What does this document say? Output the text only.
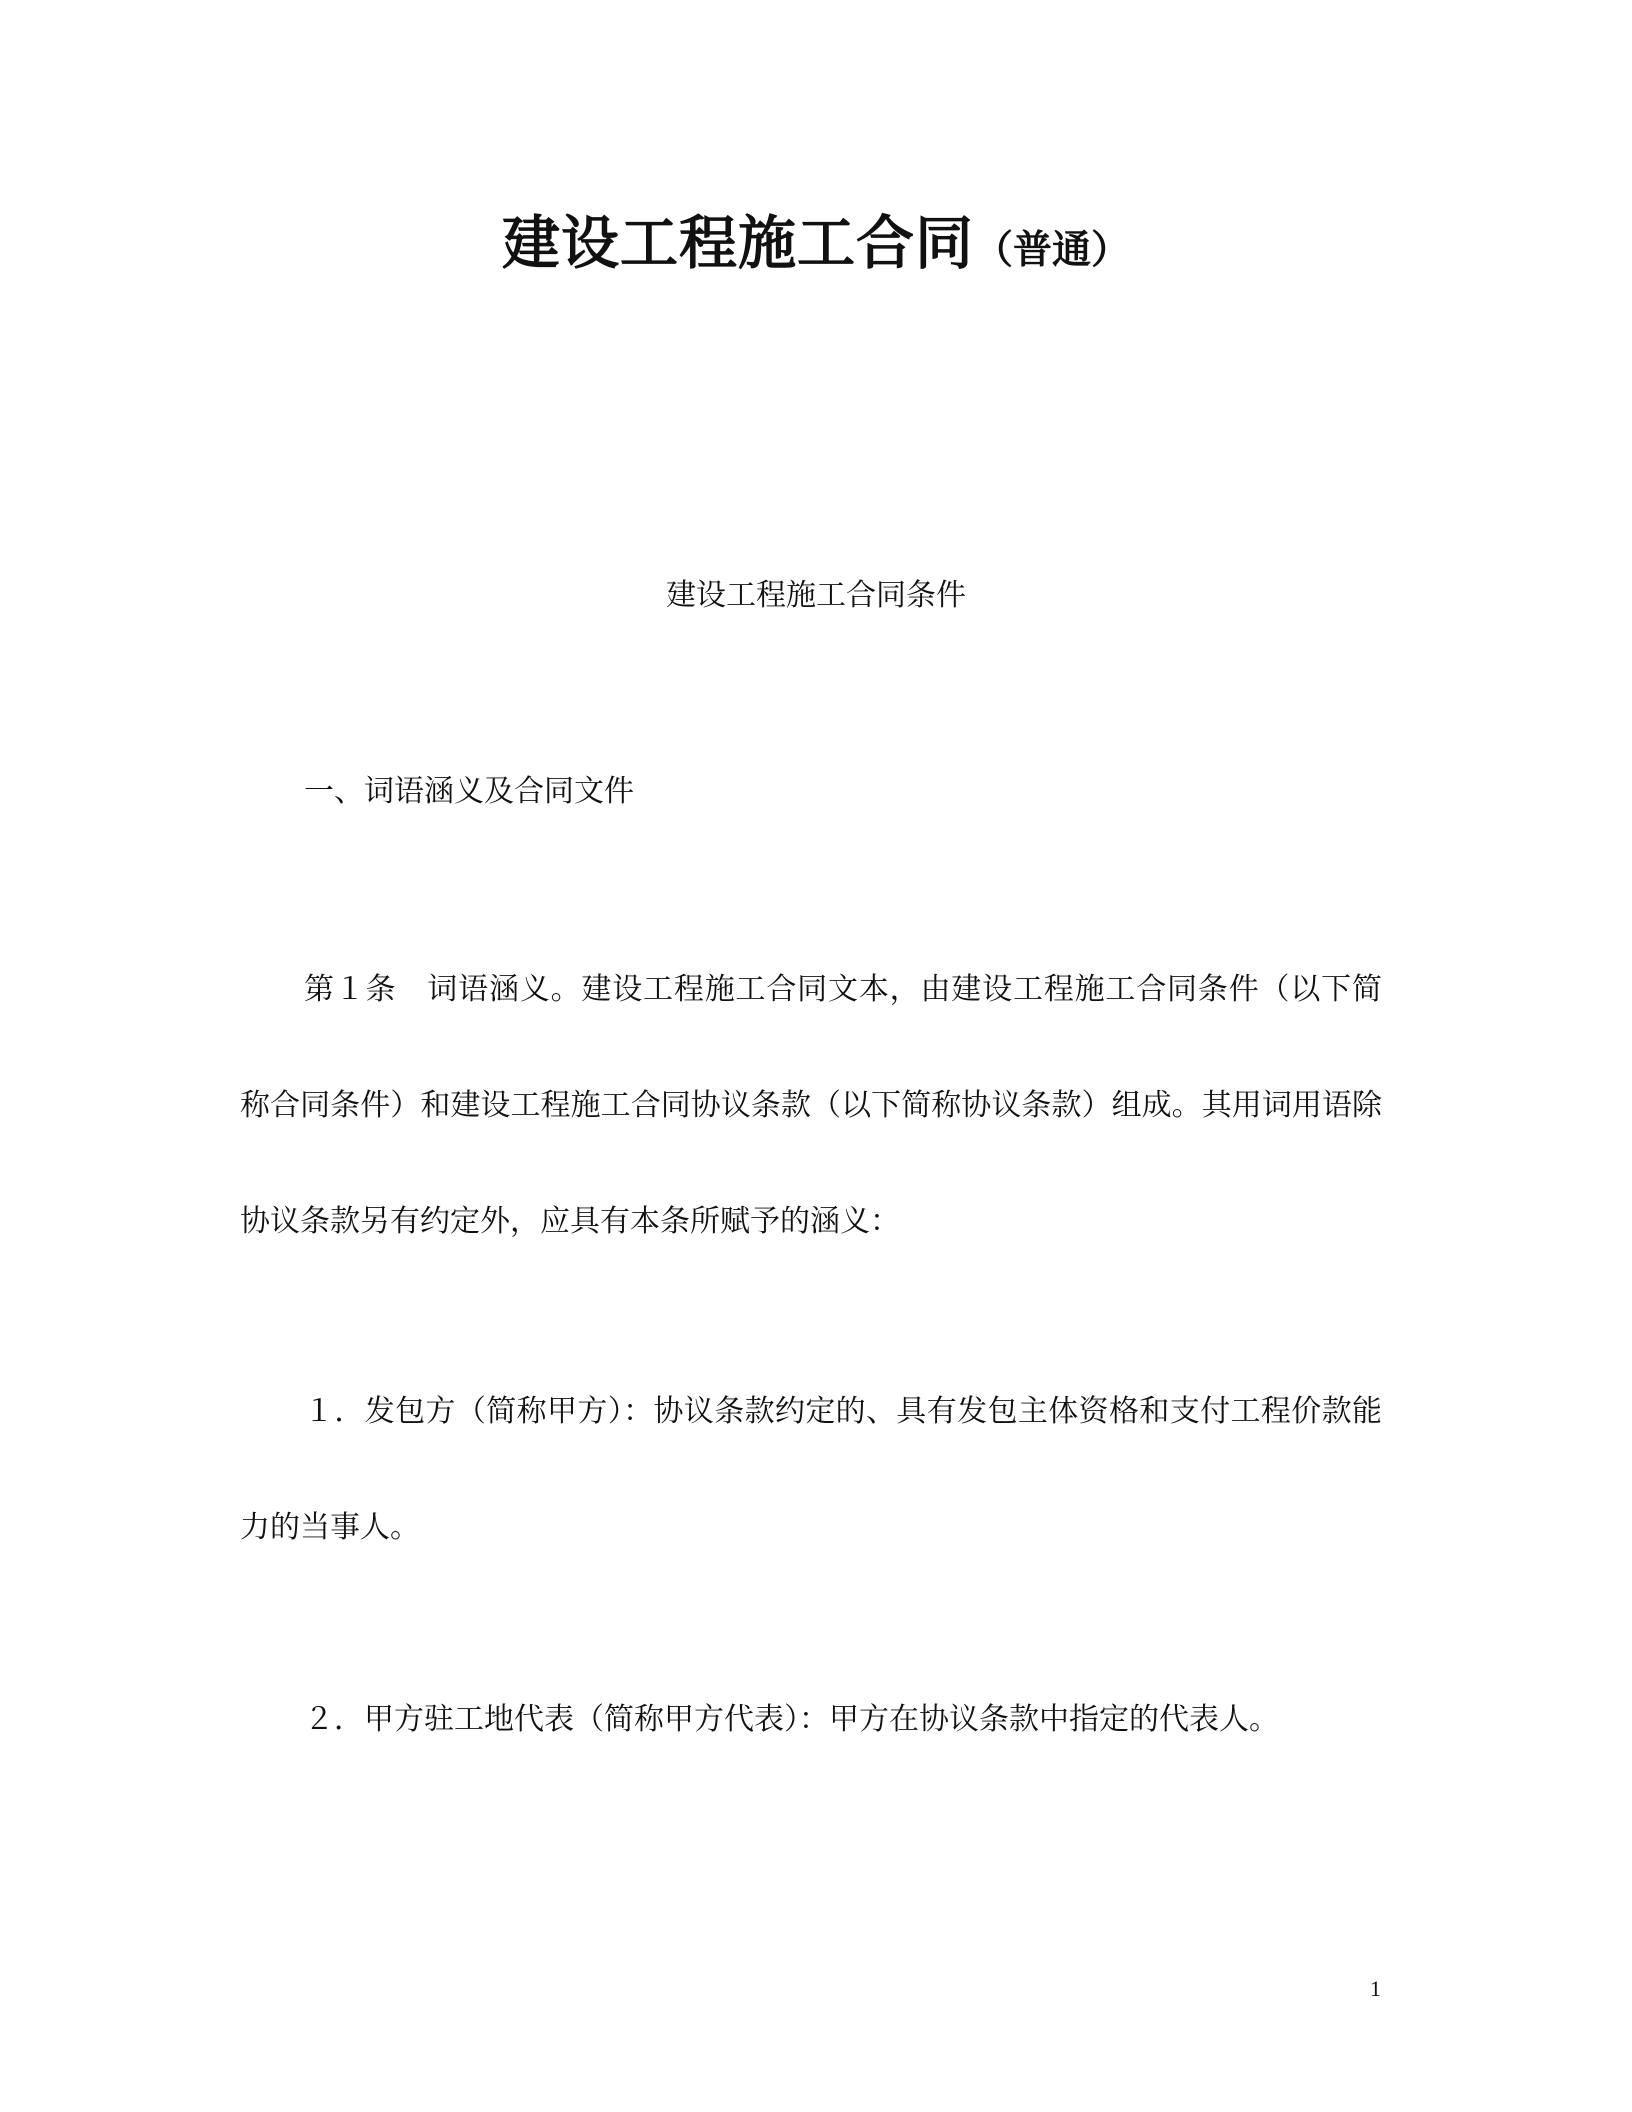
建设工程施工合同（普通）
建设工程施工合同条件
一、词语涵义及合同文件
第１条　词语涵义。建设工程施工合同文本，由建设工程施工合同条件（以下简称合同条件）和建设工程施工合同协议条款（以下简称协议条款）组成。其用词用语除协议条款另有约定外，应具有本条所赋予的涵义：
１．发包方（简称甲方）：协议条款约定的、具有发包主体资格和支付工程价款能力的当事人。
２．甲方驻工地代表（简称甲方代表）：甲方在协议条款中指定的代表人。
1
